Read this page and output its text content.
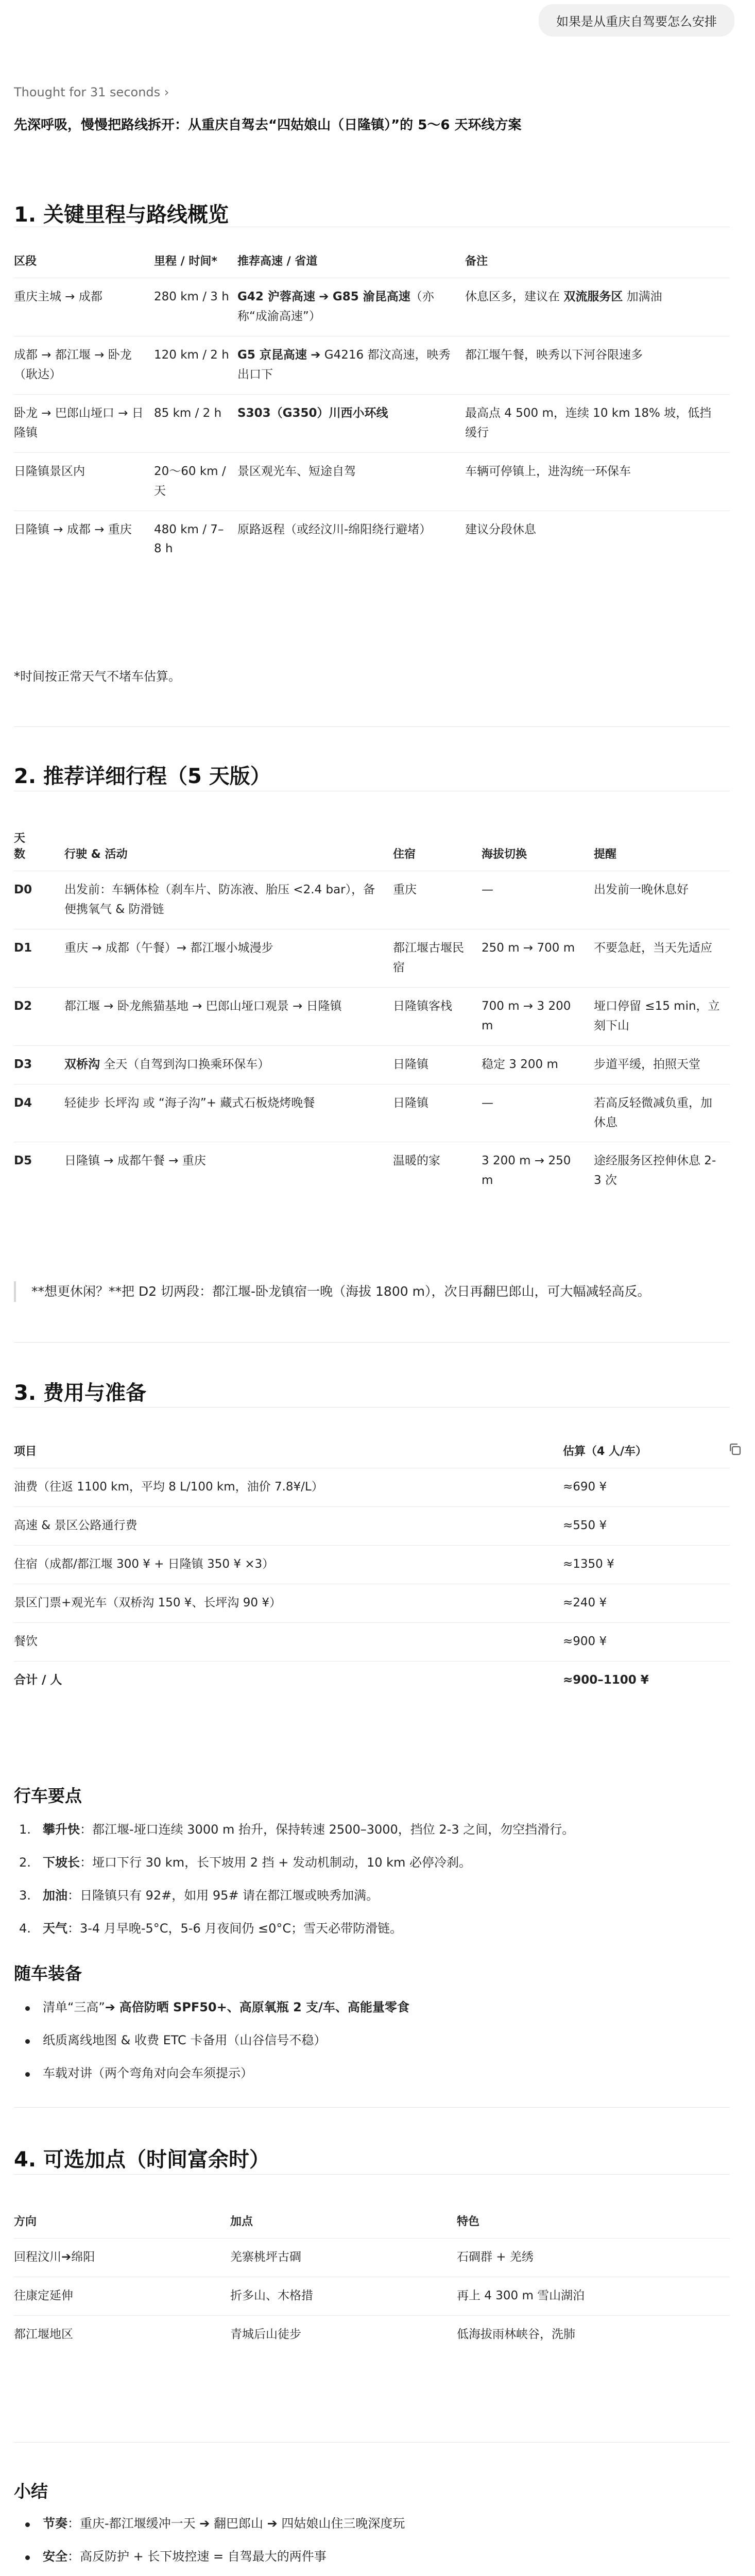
如果是从重庆自驾要怎么安排
Thought for 31 seconds ›
先深呼吸，慢慢把路线拆开：从重庆自驾去“四姑娘山（日隆镇）”的 5～6 天环线方案
1. 关键里程与路线概览
区段	里程 / 时间*	推荐高速 / 省道	备注
重庆主城 → 成都	280 km / 3 h	G42 沪蓉高速 ➔ G85 渝昆高速（亦称“成渝高速”）	休息区多，建议在 双流服务区 加满油
成都 → 都江堰 → 卧龙（耿达）	120 km / 2 h	G5 京昆高速 ➔ G4216 都汶高速，映秀出口下	都江堰午餐，映秀以下河谷限速多
卧龙 → 巴郎山垭口 → 日隆镇	85 km / 2 h	S303（G350）川西小环线	最高点 4 500 m，连续 10 km 18% 坡，低挡缓行
日隆镇景区内	20～60 km / 天	景区观光车、短途自驾	车辆可停镇上，进沟统一环保车
日隆镇 → 成都 → 重庆	480 km / 7–8 h	原路返程（或经汶川-绵阳绕行避堵）	建议分段休息
*时间按正常天气不堵车估算。
2. 推荐详细行程（5 天版）
天
数	行驶 & 活动	住宿	海拔切换	提醒
D0	出发前：车辆体检（刹车片、防冻液、胎压 <2.4 bar），备便携氧气 & 防滑链	重庆	—	出发前一晚休息好
D1	重庆 → 成都（午餐）→ 都江堰小城漫步	都江堰古堰民宿	250 m → 700 m	不要急赶，当天先适应
D2	都江堰 → 卧龙熊猫基地 → 巴郎山垭口观景 → 日隆镇	日隆镇客栈	700 m → 3 200 m	垭口停留 ≤15 min，立刻下山
D3	双桥沟 全天（自驾到沟口换乘环保车）	日隆镇	稳定 3 200 m	步道平缓，拍照天堂
D4	轻徒步 长坪沟 或 “海子沟”+ 藏式石板烧烤晚餐	日隆镇	—	若高反轻微减负重，加休息
D5	日隆镇 → 成都午餐 → 重庆	温暖的家	3 200 m → 250 m	途经服务区控伸休息 2-3 次
**想更休闲？**把 D2 切两段：都江堰-卧龙镇宿一晚（海拔 1800 m），次日再翻巴郎山，可大幅减轻高反。
3. 费用与准备
项目	估算（4 人/车）
油费（往返 1100 km，平均 8 L/100 km，油价 7.8¥/L）	≈690 ¥
高速 & 景区公路通行费	≈550 ¥
住宿（成都/都江堰 300 ¥ + 日隆镇 350 ¥ ×3）	≈1350 ¥
景区门票+观光车（双桥沟 150 ¥、长坪沟 90 ¥）	≈240 ¥
餐饮	≈900 ¥
合计 / 人	≈900–1100 ¥
行车要点
1. 攀升快：都江堰-垭口连续 3000 m 抬升，保持转速 2500–3000，挡位 2-3 之间，勿空挡滑行。
2. 下坡长：垭口下行 30 km，长下坡用 2 挡 + 发动机制动，10 km 必停冷刹。
3. 加油：日隆镇只有 92#，如用 95# 请在都江堰或映秀加满。
4. 天气：3-4 月早晚-5°C，5-6 月夜间仍 ≤0°C；雪天必带防滑链。
随车装备
清单“三高”➔ 高倍防晒 SPF50+、高原氧瓶 2 支/车、高能量零食
纸质离线地图 & 收费 ETC 卡备用（山谷信号不稳）
车载对讲（两个弯角对向会车须提示）
4. 可选加点（时间富余时）
方向	加点	特色
回程汶川➔绵阳	羌寨桃坪古碉	石碉群 + 羌绣
往康定延伸	折多山、木格措	再上 4 300 m 雪山湖泊
都江堰地区	青城后山徒步	低海拔雨林峡谷，洗肺
小结
节奏：重庆-都江堰缓冲一天 ➔ 翻巴郎山 ➔ 四姑娘山住三晚深度玩
安全：高反防护 + 长下坡控速 = 自驾最大的两件事
